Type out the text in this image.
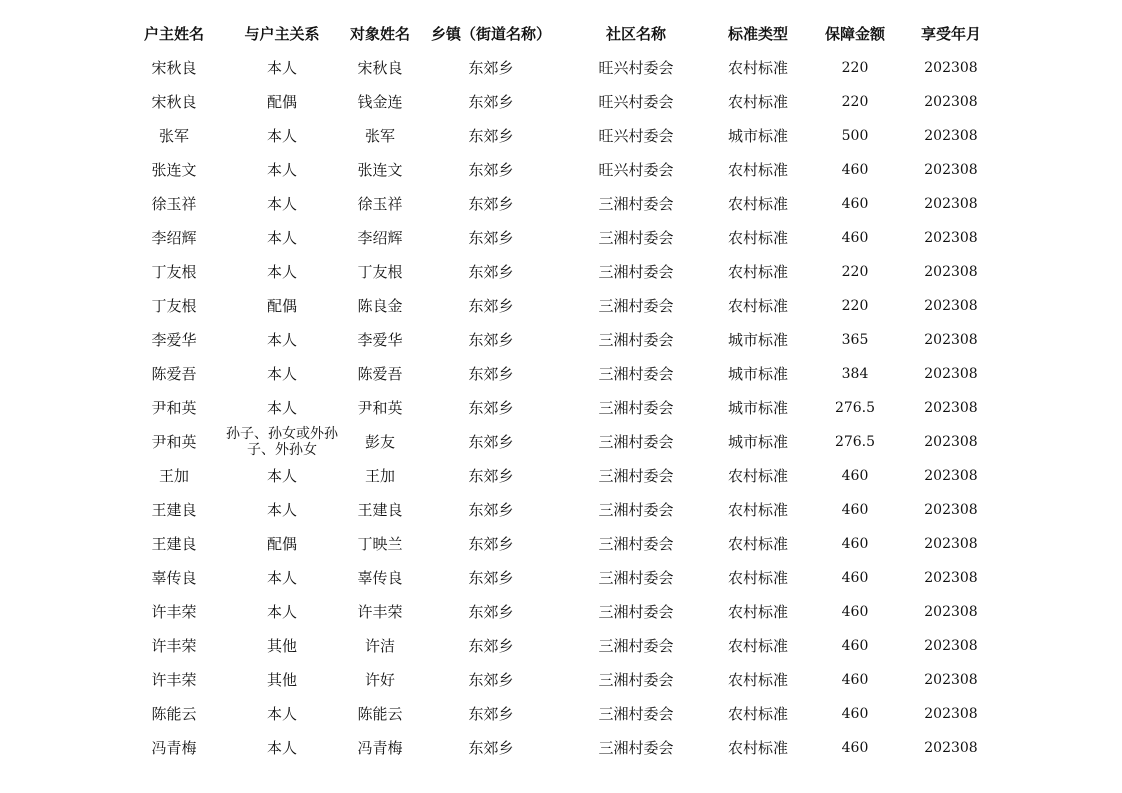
户主姓名	与户主关系	对象姓名	乡镇（街道名称）	社区名称	标准类型	保障金额	享受年月
宋秋良	本人	宋秋良	东郊乡	旺兴村委会	农村标准	220	202308
宋秋良	配偶	钱金连	东郊乡	旺兴村委会	农村标准	220	202308
张军	本人	张军	东郊乡	旺兴村委会	城市标准	500	202308
张连文	本人	张连文	东郊乡	旺兴村委会	农村标准	460	202308
徐玉祥	本人	徐玉祥	东郊乡	三湘村委会	农村标准	460	202308
李绍辉	本人	李绍辉	东郊乡	三湘村委会	农村标准	460	202308
丁友根	本人	丁友根	东郊乡	三湘村委会	农村标准	220	202308
丁友根	配偶	陈良金	东郊乡	三湘村委会	农村标准	220	202308
李爱华	本人	李爱华	东郊乡	三湘村委会	城市标准	365	202308
陈爱吾	本人	陈爱吾	东郊乡	三湘村委会	城市标准	384	202308
尹和英	本人	尹和英	东郊乡	三湘村委会	城市标准	276.5	202308
尹和英	孙子、孙女或外孙子、外孙女	彭友	东郊乡	三湘村委会	城市标准	276.5	202308
王加	本人	王加	东郊乡	三湘村委会	农村标准	460	202308
王建良	本人	王建良	东郊乡	三湘村委会	农村标准	460	202308
王建良	配偶	丁映兰	东郊乡	三湘村委会	农村标准	460	202308
辜传良	本人	辜传良	东郊乡	三湘村委会	农村标准	460	202308
许丰荣	本人	许丰荣	东郊乡	三湘村委会	农村标准	460	202308
许丰荣	其他	许洁	东郊乡	三湘村委会	农村标准	460	202308
许丰荣	其他	许好	东郊乡	三湘村委会	农村标准	460	202308
陈能云	本人	陈能云	东郊乡	三湘村委会	农村标准	460	202308
冯青梅	本人	冯青梅	东郊乡	三湘村委会	农村标准	460	202308
